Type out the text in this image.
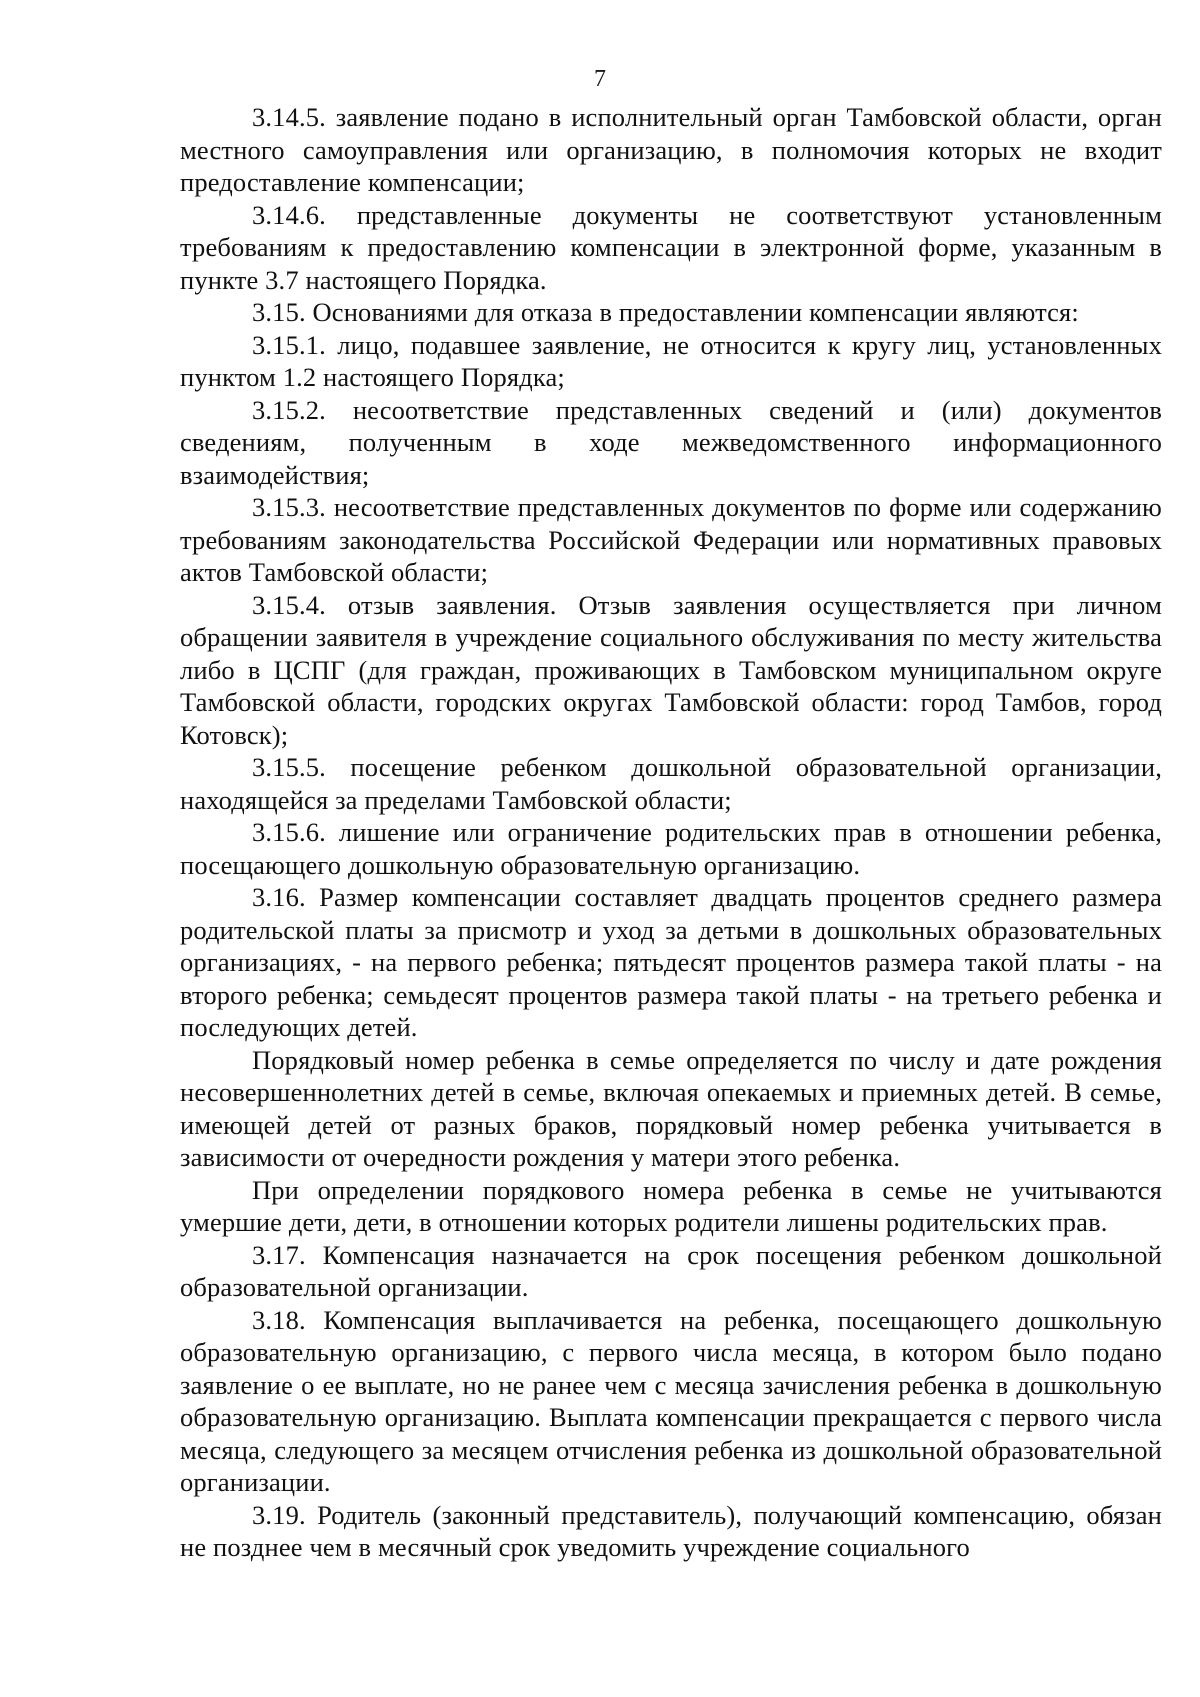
7

3.14.5. заявление подано в исполнительный орган Тамбовской области, орган местного самоуправления или организацию, в полномочия которых не входит предоставление компенсации;

3.14.6. представленные документы не соответствуют установленным требованиям к предоставлению компенсации в электронной форме, указанным в пункте 3.7 настоящего Порядка.

3.15. Основаниями для отказа в предоставлении компенсации являются:

3.15.1. лицо, подавшее заявление, не относится к кругу лиц, установленных пунктом 1.2 настоящего Порядка;

3.15.2. несоответствие представленных сведений и (или) документов сведениям, полученным в ходе межведомственного информационного взаимодействия;

3.15.3. несоответствие представленных документов по форме или содержанию требованиям законодательства Российской Федерации или нормативных правовых актов Тамбовской области;

3.15.4. отзыв заявления. Отзыв заявления осуществляется при личном обращении заявителя в учреждение социального обслуживания по месту жительства либо в ЦСПГ (для граждан, проживающих в Тамбовском муниципальном округе Тамбовской области, городских округах Тамбовской области: город Тамбов, город Котовск);

3.15.5. посещение ребенком дошкольной образовательной организации, находящейся за пределами Тамбовской области;

3.15.6. лишение или ограничение родительских прав в отношении ребенка, посещающего дошкольную образовательную организацию.

3.16. Размер компенсации составляет двадцать процентов среднего размера родительской платы за присмотр и уход за детьми в дошкольных образовательных организациях, - на первого ребенка; пятьдесят процентов размера такой платы - на второго ребенка; семьдесят процентов размера такой платы - на третьего ребенка и последующих детей.

Порядковый номер ребенка в семье определяется по числу и дате рождения несовершеннолетних детей в семье, включая опекаемых и приемных детей. В семье, имеющей детей от разных браков, порядковый номер ребенка учитывается в зависимости от очередности рождения у матери этого ребенка.

При определении порядкового номера ребенка в семье не учитываются умершие дети, дети, в отношении которых родители лишены родительских прав.

3.17. Компенсация назначается на срок посещения ребенком дошкольной образовательной организации.

3.18. Компенсация выплачивается на ребенка, посещающего дошкольную образовательную организацию, с первого числа месяца, в котором было подано заявление о ее выплате, но не ранее чем с месяца зачисления ребенка в дошкольную образовательную организацию. Выплата компенсации прекращается с первого числа месяца, следующего за месяцем отчисления ребенка из дошкольной образовательной организации.

3.19. Родитель (законный представитель), получающий компенсацию, обязан не позднее чем в месячный срок уведомить учреждение социального
